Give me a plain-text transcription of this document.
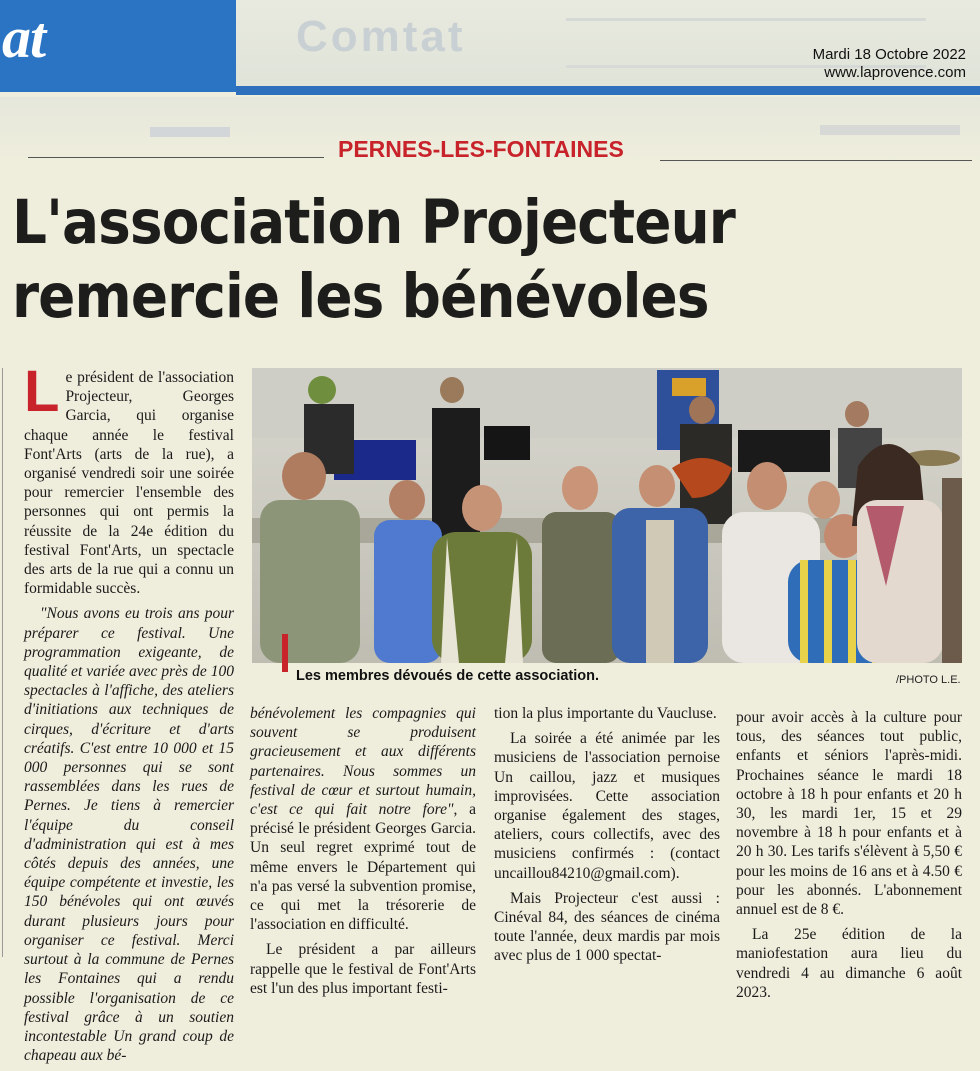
Comtat
at	Mardi 18 Octobre 2022
www.laprovence.com
PERNES-LES-FONTAINES
L'association Projecteur
remercie les bénévoles

Le président de l'association Projecteur, Georges Garcia, qui organise chaque année le festival Font'Arts (arts de la rue), a organisé vendredi soir une soirée pour remercier l'ensemble des personnes qui ont permis la réussite de la 24e édition du festival Font'Arts, un spectacle des arts de la rue qui a connu un formidable succès.

"Nous avons eu trois ans pour préparer ce festival. Une programmation exigeante, de qualité et variée avec près de 100 spectacles à l'affiche, des ateliers d'initiations aux techniques de cirques, d'écriture et d'arts créatifs. C'est entre 10 000 et 15 000 personnes qui se sont rassemblées dans les rues de Pernes. Je tiens à remercier l'équipe du conseil d'administration qui est à mes côtés depuis des années, une équipe compétente et investie, les 150 bénévoles qui ont œuvés durant plusieurs jours pour organiser ce festival. Merci surtout à la commune de Pernes les Fontaines qui a rendu possible l'organisation de ce festival grâce à un soutien incontestable Un grand coup de chapeau aux bé-

Les membres dévoués de cette association.	/PHOTO L.E.

bénévolement les compagnies qui souvent se produisent gracieusement et aux différents partenaires. Nous sommes un festival de cœur et surtout humain, c'est ce qui fait notre fore", a précisé le président Georges Garcia. Un seul regret exprimé tout de même envers le Département qui n'a pas versé la subvention promise, ce qui met la trésorerie de l'association en difficulté.

Le président a par ailleurs rappelle que le festival de Font'Arts est l'un des plus important festi-

tion la plus importante du Vaucluse.

La soirée a été animée par les musiciens de l'association pernoise Un caillou, jazz et musiques improvisées. Cette association organise également des stages, ateliers, cours collectifs, avec des musiciens confirmés : (contact uncaillou84210@gmail.com).

Mais Projecteur c'est aussi : Cinéval 84, des séances de cinéma toute l'année, deux mardis par mois avec plus de 1 000 spectat-

pour avoir accès à la culture pour tous, des séances tout public, enfants et séniors l'après-midi. Prochaines séance le mardi 18 octobre à 18 h pour enfants et 20 h 30, les mardi 1er, 15 et 29 novembre à 18 h pour enfants et à 20 h 30. Les tarifs s'élèvent à 5,50 € pour les moins de 16 ans et à 4.50 € pour les abonnés. L'abonnement annuel est de 8 €.

La 25e édition de la maniofestation aura lieu du vendredi 4 au dimanche 6 août 2023.
